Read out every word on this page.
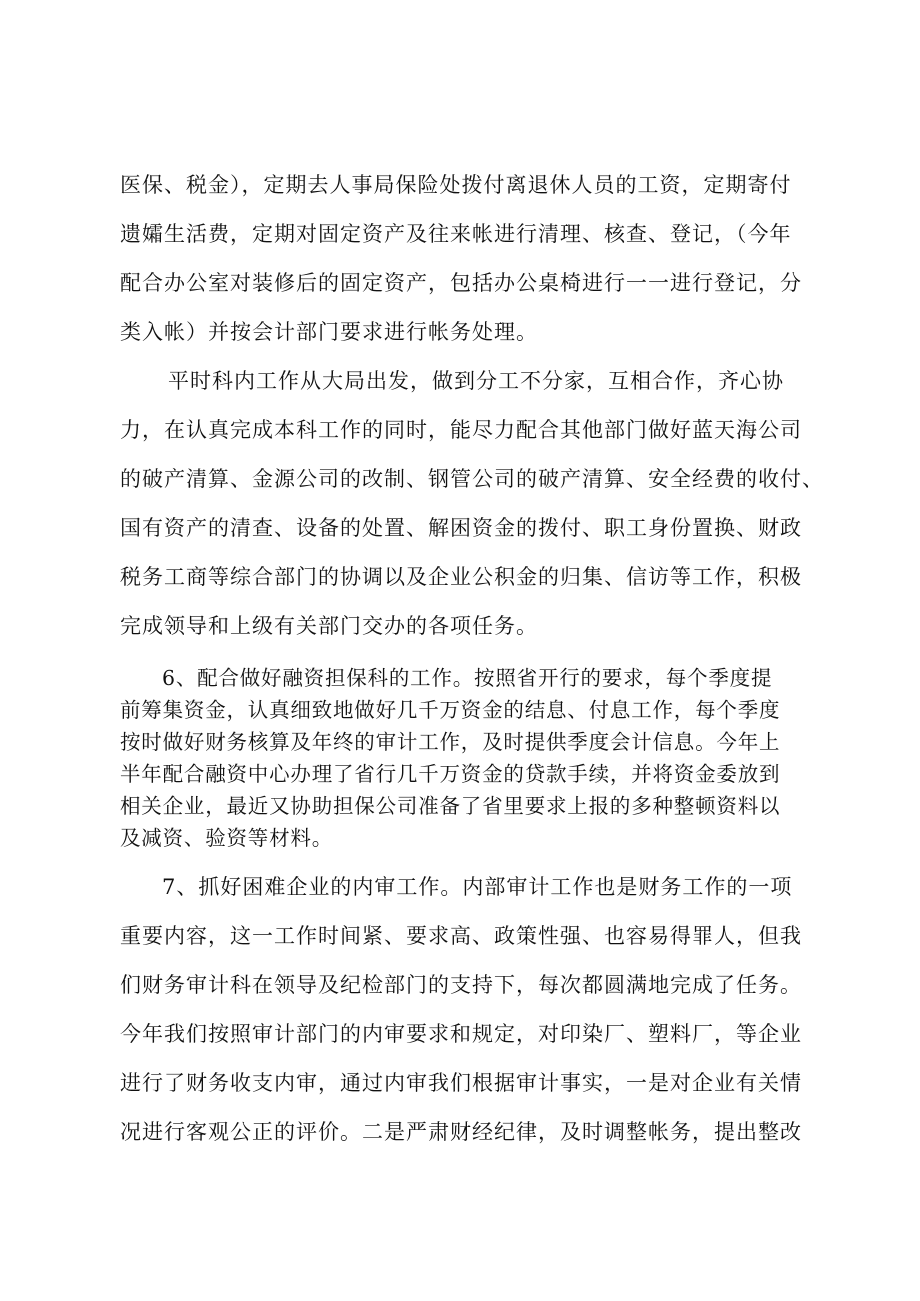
医保、税金），定期去人事局保险处拨付离退休人员的工资，定期寄付
遗孀生活费，定期对固定资产及往来帐进行清理、核查、登记，（今年
配合办公室对装修后的固定资产，包括办公桌椅进行一一进行登记，分
类入帐）并按会计部门要求进行帐务处理。
平时科内工作从大局出发，做到分工不分家，互相合作，齐心协
力，在认真完成本科工作的同时，能尽力配合其他部门做好蓝天海公司
的破产清算、金源公司的改制、钢管公司的破产清算、安全经费的收付、
国有资产的清查、设备的处置、解困资金的拨付、职工身份置换、财政
税务工商等综合部门的协调以及企业公积金的归集、信访等工作，积极
完成领导和上级有关部门交办的各项任务。
6、配合做好融资担保科的工作。按照省开行的要求，每个季度提
前筹集资金，认真细致地做好几千万资金的结息、付息工作，每个季度
按时做好财务核算及年终的审计工作，及时提供季度会计信息。今年上
半年配合融资中心办理了省行几千万资金的贷款手续，并将资金委放到
相关企业，最近又协助担保公司准备了省里要求上报的多种整顿资料以
及减资、验资等材料。
7、抓好困难企业的内审工作。内部审计工作也是财务工作的一项
重要内容，这一工作时间紧、要求高、政策性强、也容易得罪人，但我
们财务审计科在领导及纪检部门的支持下，每次都圆满地完成了任务。
今年我们按照审计部门的内审要求和规定，对印染厂、塑料厂，等企业
进行了财务收支内审，通过内审我们根据审计事实，一是对企业有关情
况进行客观公正的评价。二是严肃财经纪律，及时调整帐务，提出整改
